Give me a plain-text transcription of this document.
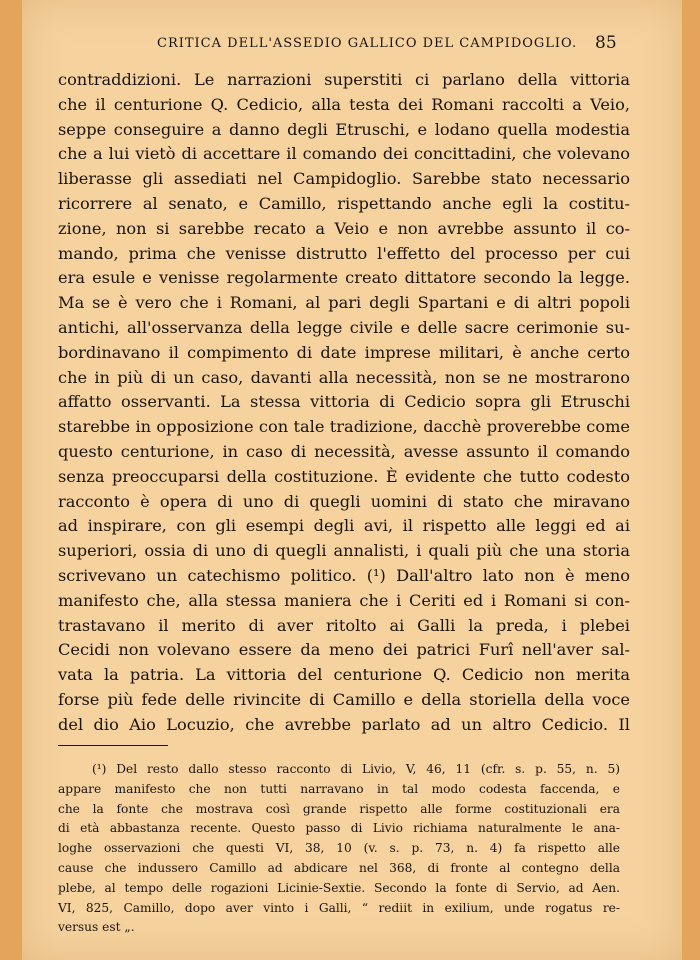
CRITICA DELL'ASSEDIO GALLICO DEL CAMPIDOGLIO. 85

contraddizioni. Le narrazioni superstiti ci parlano della vittoria
che il centurione Q. Cedicio, alla testa dei Romani raccolti a Veio,
seppe conseguire a danno degli Etruschi, e lodano quella modestia
che a lui vietò di accettare il comando dei concittadini, che volevano
liberasse gli assediati nel Campidoglio. Sarebbe stato necessario
ricorrere al senato, e Camillo, rispettando anche egli la costitu-
zione, non si sarebbe recato a Veio e non avrebbe assunto il co-
mando, prima che venisse distrutto l'effetto del processo per cui
era esule e venisse regolarmente creato dittatore secondo la legge.
Ma se è vero che i Romani, al pari degli Spartani e di altri popoli
antichi, all'osservanza della legge civile e delle sacre cerimonie su-
bordinavano il compimento di date imprese militari, è anche certo
che in più di un caso, davanti alla necessità, non se ne mostrarono
affatto osservanti. La stessa vittoria di Cedicio sopra gli Etruschi
starebbe in opposizione con tale tradizione, dacchè proverebbe come
questo centurione, in caso di necessità, avesse assunto il comando
senza preoccuparsi della costituzione. È evidente che tutto codesto
racconto è opera di uno di quegli uomini di stato che miravano
ad inspirare, con gli esempi degli avi, il rispetto alle leggi ed ai
superiori, ossia di uno di quegli annalisti, i quali più che una storia
scrivevano un catechismo politico. (¹) Dall'altro lato non è meno
manifesto che, alla stessa maniera che i Ceriti ed i Romani si con-
trastavano il merito di aver ritolto ai Galli la preda, i plebei
Cecidi non volevano essere da meno dei patrici Furî nell'aver sal-
vata la patria. La vittoria del centurione Q. Cedicio non merita
forse più fede delle rivincite di Camillo e della storiella della voce
del dio Aio Locuzio, che avrebbe parlato ad un altro Cedicio. Il

(¹) Del resto dallo stesso racconto di Livio, V, 46, 11 (cfr. s. p. 55, n. 5)
appare manifesto che non tutti narravano in tal modo codesta faccenda, e
che la fonte che mostrava così grande rispetto alle forme costituzionali era
di età abbastanza recente. Questo passo di Livio richiama naturalmente le ana-
loghe osservazioni che questi VI, 38, 10 (v. s. p. 73, n. 4) fa rispetto alle
cause che indussero Camillo ad abdicare nel 368, di fronte al contegno della
plebe, al tempo delle rogazioni Licinie-Sextie. Secondo la fonte di Servio, ad Aen.
VI, 825, Camillo, dopo aver vinto i Galli, “ rediit in exilium, unde rogatus re-
versus est „.
